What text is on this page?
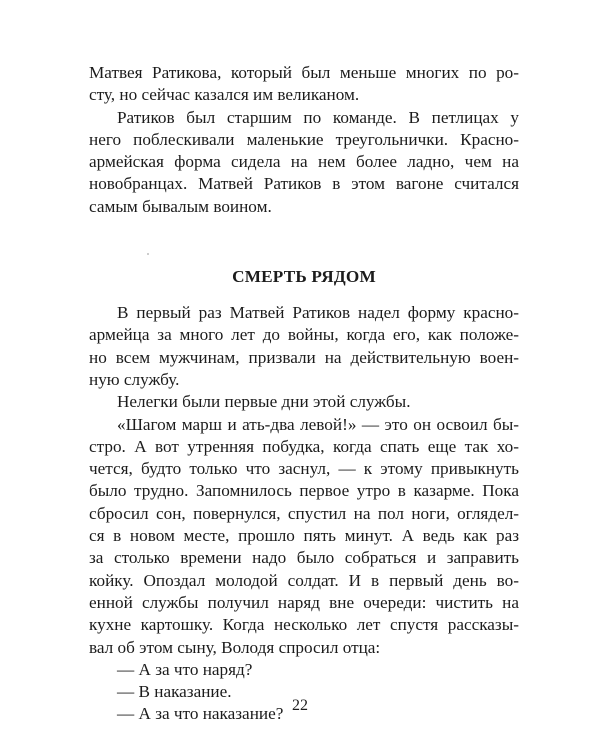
Матвея Ратикова, который был меньше многих по ро-
сту, но сейчас казался им великаном.
Ратиков был старшим по команде. В петлицах у
него поблескивали маленькие треугольнички. Красно-
армейская форма сидела на нем более ладно, чем на
новобранцах. Матвей Ратиков в этом вагоне считался
самым бывалым воином.
СМЕРТЬ РЯДОМ
В первый раз Матвей Ратиков надел форму красно-
армейца за много лет до войны, когда его, как положе-
но всем мужчинам, призвали на действительную воен-
ную службу.
Нелегки были первые дни этой службы.
«Шагом марш и ать-два левой!» — это он освоил бы-
стро. А вот утренняя побудка, когда спать еще так хо-
чется, будто только что заснул, — к этому привыкнуть
было трудно. Запомнилось первое утро в казарме. Пока
сбросил сон, повернулся, спустил на пол ноги, оглядел-
ся в новом месте, прошло пять минут. А ведь как раз
за столько времени надо было собраться и заправить
койку. Опоздал молодой солдат. И в первый день во-
енной службы получил наряд вне очереди: чистить на
кухне картошку. Когда несколько лет спустя рассказы-
вал об этом сыну, Володя спросил отца:
— А за что наряд?
— В наказание.
— А за что наказание? 22
